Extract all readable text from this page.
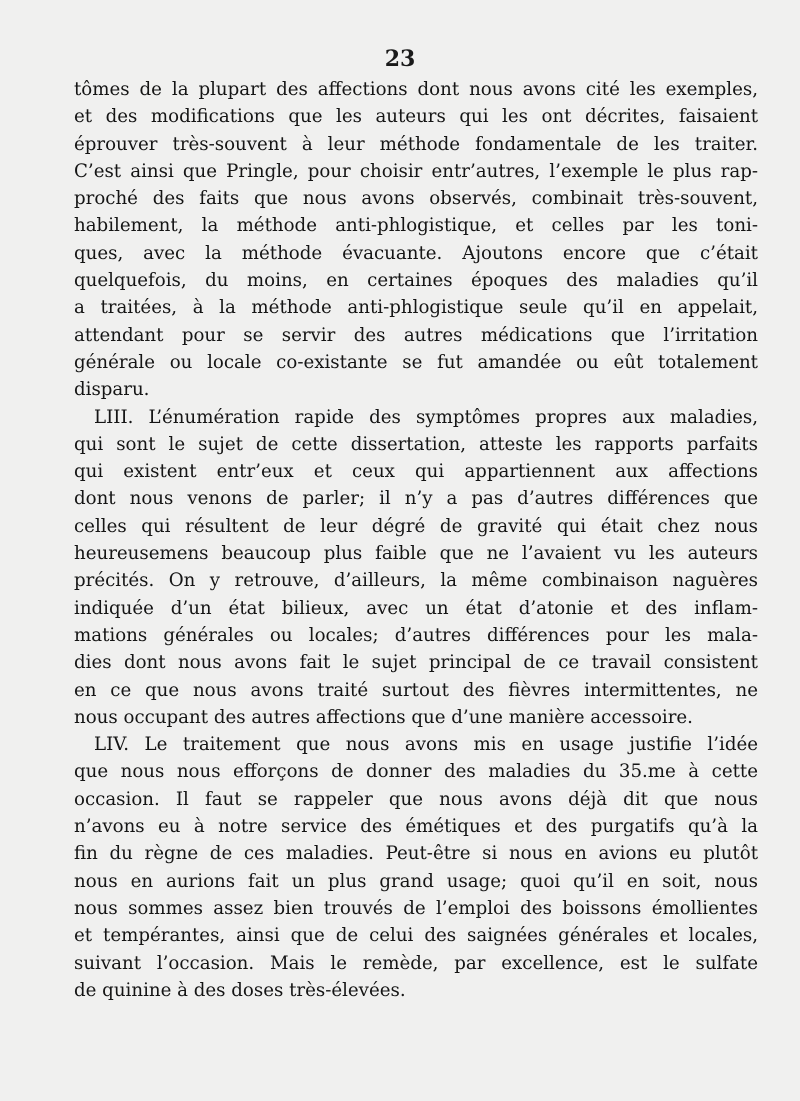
23
tômes de la plupart des affections dont nous avons cité les exemples,
et des modifications que les auteurs qui les ont décrites, faisaient
éprouver très-souvent à leur méthode fondamentale de les traiter.
C’est ainsi que Pringle, pour choisir entr’autres, l’exemple le plus rap-
proché des faits que nous avons observés, combinait très-souvent,
habilement, la méthode anti-phlogistique, et celles par les toni-
ques, avec la méthode évacuante. Ajoutons encore que c’était
quelquefois, du moins, en certaines époques des maladies qu’il
a traitées, à la méthode anti-phlogistique seule qu’il en appelait,
attendant pour se servir des autres médications que l’irritation
générale ou locale co-existante se fut amandée ou eût totalement
disparu.
LIII. L’énumération rapide des symptômes propres aux maladies,
qui sont le sujet de cette dissertation, atteste les rapports parfaits
qui existent entr’eux et ceux qui appartiennent aux affections
dont nous venons de parler; il n’y a pas d’autres différences que
celles qui résultent de leur dégré de gravité qui était chez nous
heureusemens beaucoup plus faible que ne l’avaient vu les auteurs
précités. On y retrouve, d’ailleurs, la même combinaison naguères
indiquée d’un état bilieux, avec un état d’atonie et des inflam-
mations générales ou locales; d’autres différences pour les mala-
dies dont nous avons fait le sujet principal de ce travail consistent
en ce que nous avons traité surtout des fièvres intermittentes, ne
nous occupant des autres affections que d’une manière accessoire.
LIV. Le traitement que nous avons mis en usage justifie l’idée
que nous nous efforçons de donner des maladies du 35.me à cette
occasion. Il faut se rappeler que nous avons déjà dit que nous
n’avons eu à notre service des émétiques et des purgatifs qu’à la
fin du règne de ces maladies. Peut-être si nous en avions eu plutôt
nous en aurions fait un plus grand usage; quoi qu’il en soit, nous
nous sommes assez bien trouvés de l’emploi des boissons émollientes
et tempérantes, ainsi que de celui des saignées générales et locales,
suivant l’occasion. Mais le remède, par excellence, est le sulfate
de quinine à des doses très-élevées.
